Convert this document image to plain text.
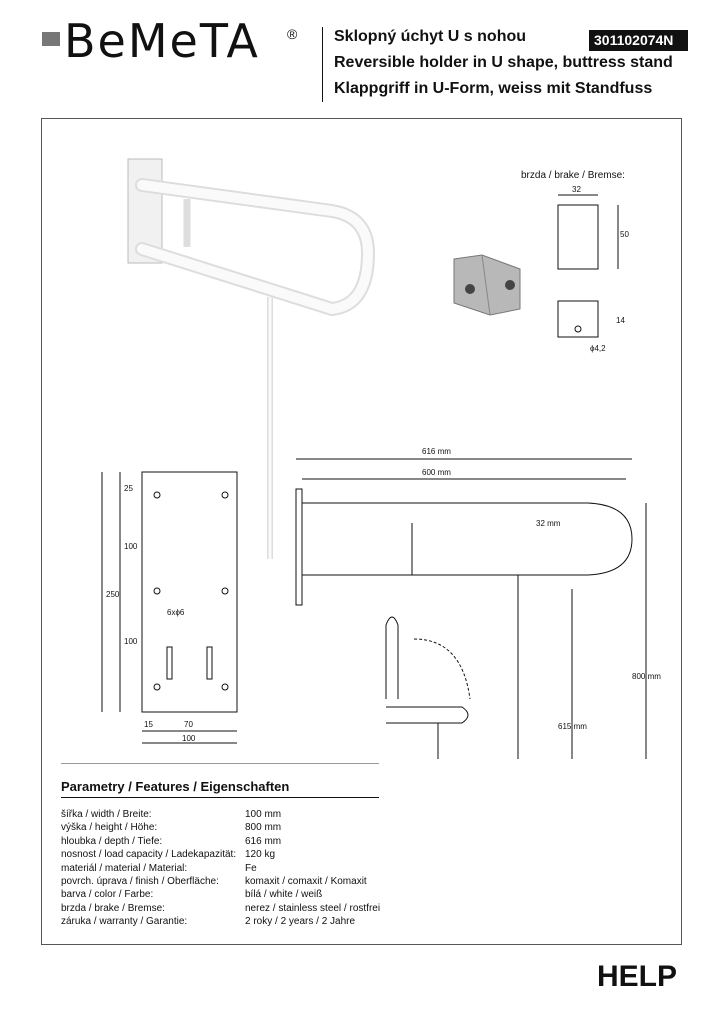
BeMeTA ® Sklopný úchyt U s nohou
Reversible holder in U shape, buttress stand
Klappgriff in U-Form, weiss mit Standfuss
301102074N
32
50
14
ϕ4,2
25
100
250
100
15	70
100
6xϕ6
616 mm
600 mm
32 mm
800 mm
615 mm
brzda / brake / Bremse:
Parametry / Features / Eigenschaften
šířka / width / Breite:	100 mm
výška / height / Höhe:	800 mm
hloubka / depth / Tiefe:	616 mm
nosnost / load capacity / Ladekapazität: 120 kg
materiál / material / Material:	Fe
povrch. úprava / finish / Oberfläche:	komaxit / comaxit / Komaxit
barva / color / Farbe:	bílá / white / weiß
brzda / brake / Bremse:	nerez / stainless steel / rostfrei
záruka / warranty / Garantie:	2 roky / 2 years / 2 Jahre
HELP
